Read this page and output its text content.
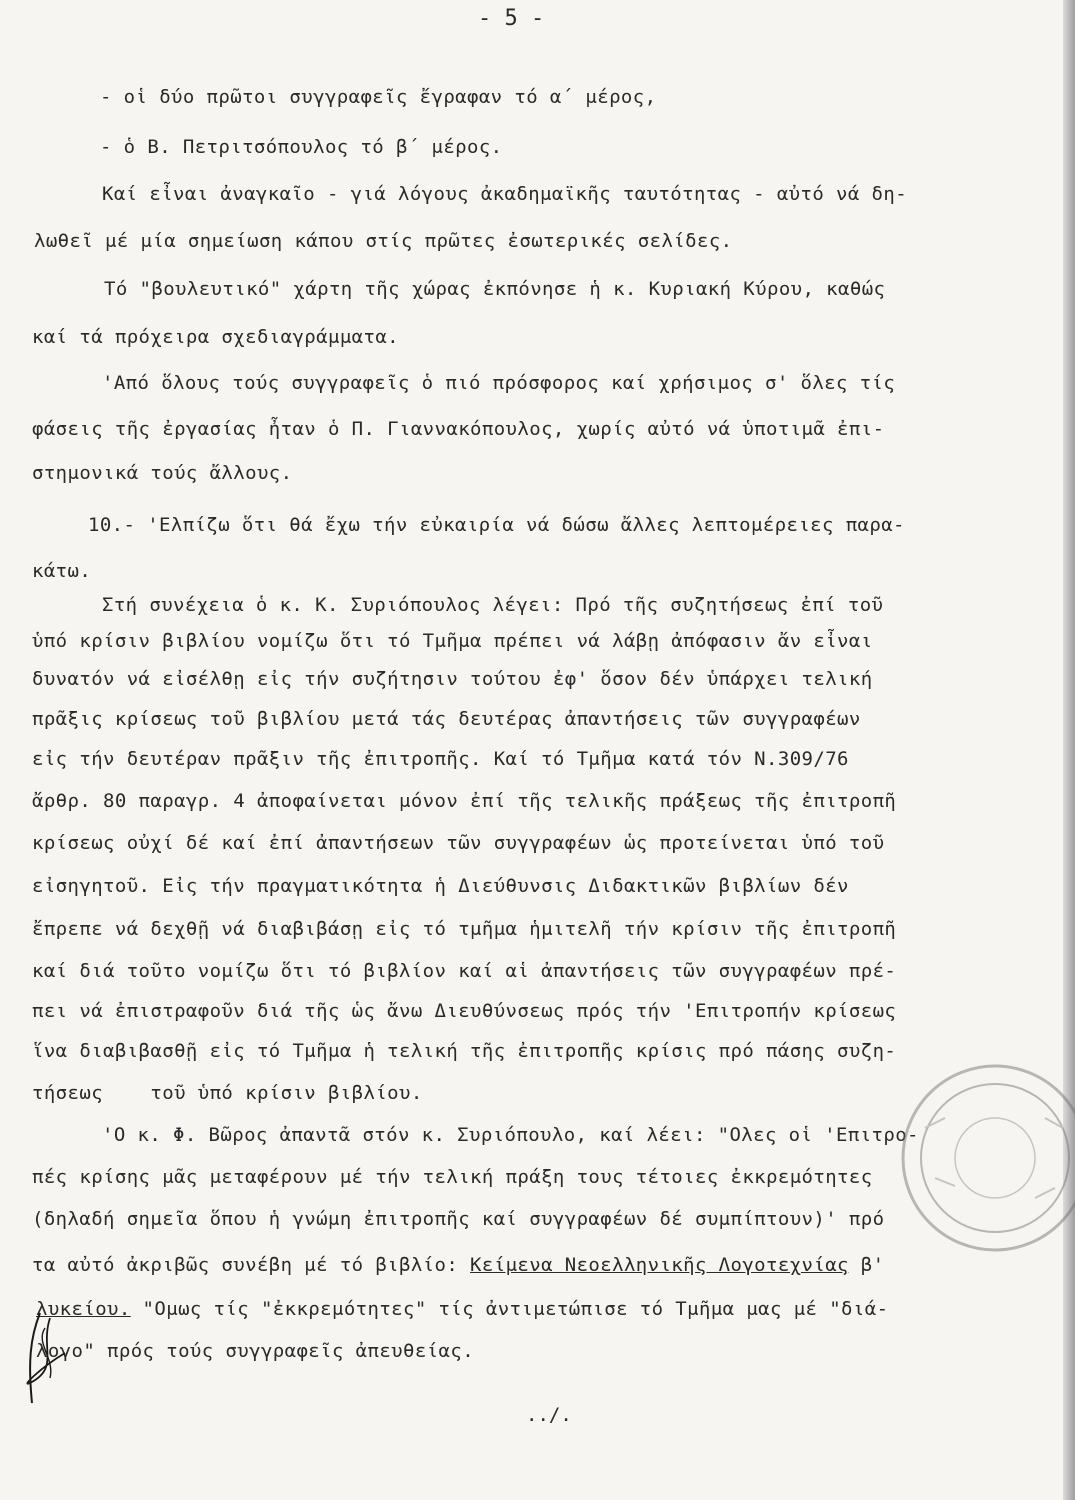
- 5 -

- οἱ δύο πρῶτοι συγγραφεῖς ἔγραφαν τό α΄ μέρος,

- ὁ Β. Πετριτσόπουλος τό β΄ μέρος.

Καί εἶναι ἀναγκαῖο - γιά λόγους ἀκαδημαϊκῆς ταυτότητας - αὐτό νά δη-

λωθεῖ μέ μία σημείωση κάπου στίς πρῶτες ἐσωτερικές σελίδες.

Τό "βουλευτικό" χάρτη τῆς χώρας ἐκπόνησε ἡ κ. Κυριακή Κύρου, καθώς

καί τά πρόχειρα σχεδιαγράμματα.

'Από ὅλους τούς συγγραφεῖς ὁ πιό πρόσφορος καί χρήσιμος σ' ὅλες τίς

φάσεις τῆς ἐργασίας ἦταν ὁ Π. Γιαννακόπουλος, χωρίς αὐτό νά ὑποτιμᾶ ἐπι-

στημονικά τούς ἄλλους.

10.- 'Ελπίζω ὅτι θά ἔχω τήν εὐκαιρία νά δώσω ἄλλες λεπτομέρειες παρα-

κάτω.

Στή συνέχεια ὁ κ. Κ. Συριόπουλος λέγει: Πρό τῆς συζητήσεως ἐπί τοῦ

ὑπό κρίσιν βιβλίου νομίζω ὅτι τό Τμῆμα πρέπει νά λάβῃ ἀπόφασιν ἄν εἶναι

δυνατόν νά εἰσέλθῃ εἰς τήν συζήτησιν τούτου ἐφ' ὅσον δέν ὑπάρχει τελική

πρᾶξις κρίσεως τοῦ βιβλίου μετά τάς δευτέρας ἀπαντήσεις τῶν συγγραφέων

εἰς τήν δευτέραν πρᾶξιν τῆς ἐπιτροπῆς. Καί τό Τμῆμα κατά τόν Ν.309/76

ἄρθρ. 80 παραγρ. 4 ἀποφαίνεται μόνον ἐπί τῆς τελικῆς πράξεως τῆς ἐπιτροπῆ

κρίσεως οὐχί δέ καί ἐπί ἀπαντήσεων τῶν συγγραφέων ὡς προτείνεται ὑπό τοῦ

εἰσηγητοῦ. Εἰς τήν πραγματικότητα ἡ Διεύθυνσις Διδακτικῶν βιβλίων δέν

ἔπρεπε νά δεχθῇ νά διαβιβάσῃ εἰς τό τμῆμα ἡμιτελῆ τήν κρίσιν τῆς ἐπιτροπῆ

καί διά τοῦτο νομίζω ὅτι τό βιβλίον καί αἱ ἀπαντήσεις τῶν συγγραφέων πρέ-

πει νά ἐπιστραφοῦν διά τῆς ὡς ἄνω Διευθύνσεως πρός τήν 'Επιτροπήν κρίσεως

ἵνα διαβιβασθῇ εἰς τό Τμῆμα ἡ τελική τῆς ἐπιτροπῆς κρίσις πρό πάσης συζη-

τήσεως    τοῦ ὑπό κρίσιν βιβλίου.

'Ο κ. Φ. Βῶρος ἀπαντᾶ στόν κ. Συριόπουλο, καί λέει: "Ολες οἱ 'Επιτρο-

πές κρίσης μᾶς μεταφέρουν μέ τήν τελική πράξη τους τέτοιες ἐκκρεμότητες

(δηλαδή σημεῖα ὅπου ἡ γνώμη ἐπιτροπῆς καί συγγραφέων δέ συμπίπτουν)' πρό

τα αὐτό ἀκριβῶς συνέβη μέ τό βιβλίο: Κείμενα Νεοελληνικῆς Λογοτεχνίας β'

λυκείου. "Ομως τίς "ἐκκρεμότητες" τίς ἀντιμετώπισε τό Τμῆμα μας μέ "διά-

λογο" πρός τούς συγγραφεῖς ἀπευθείας.

../.
